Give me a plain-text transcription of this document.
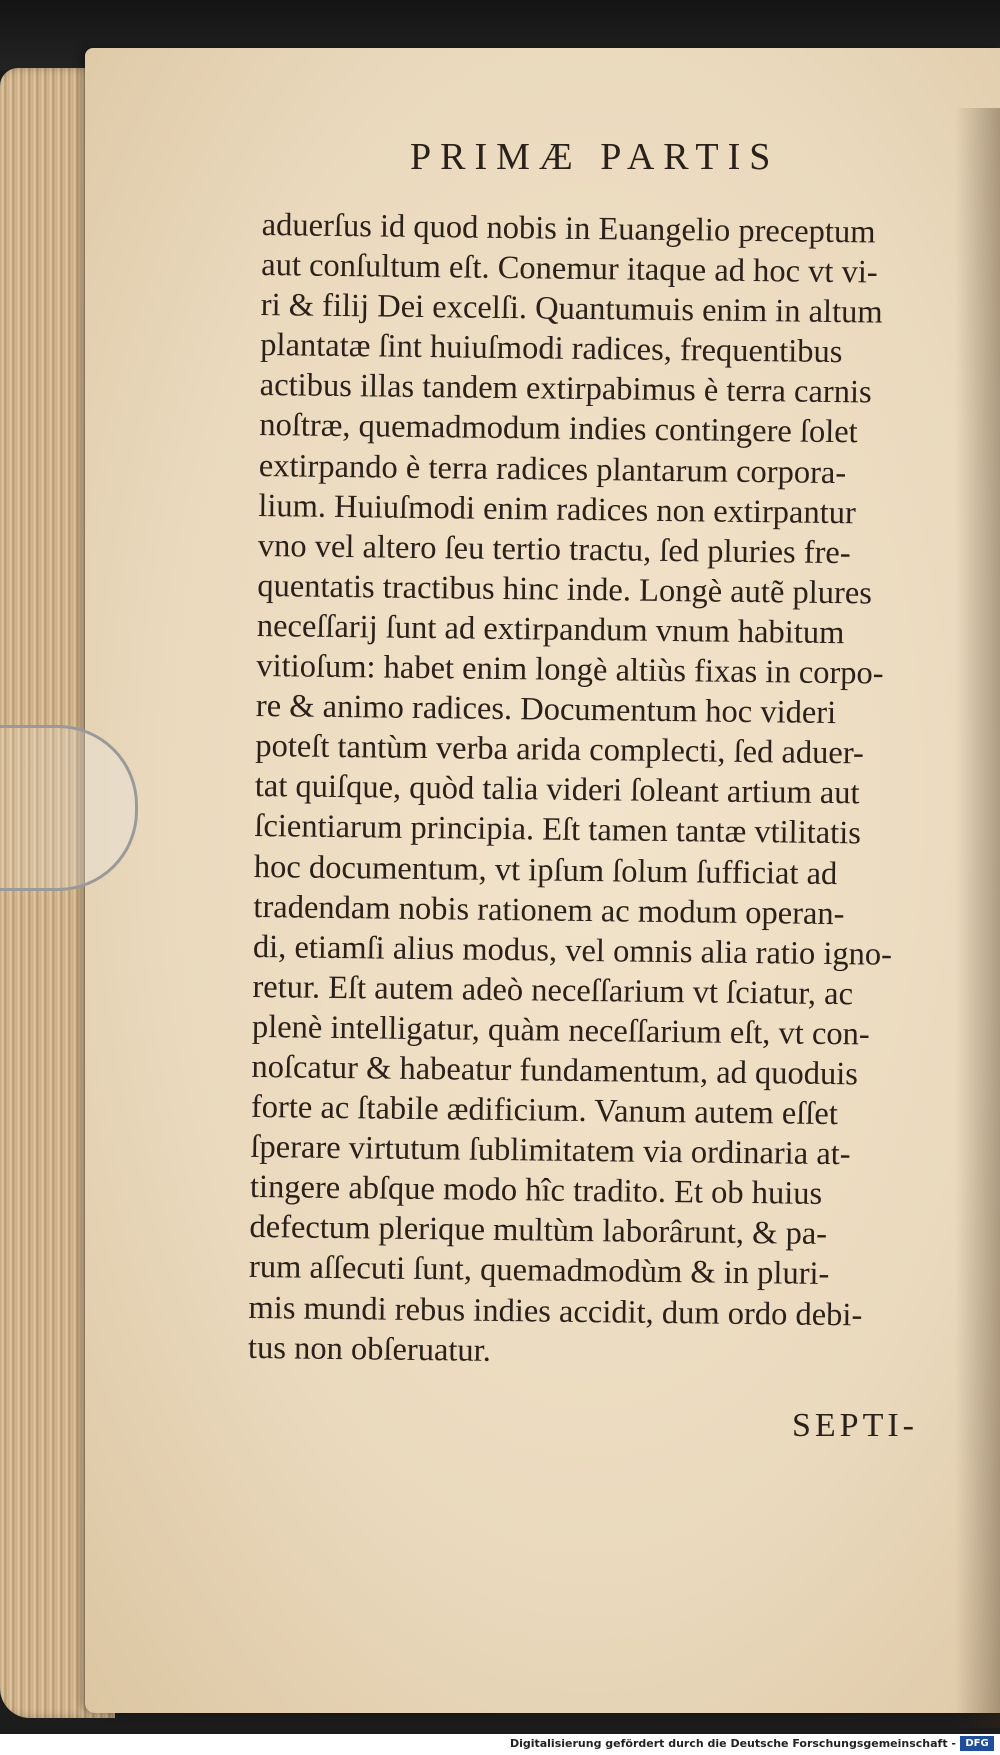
PRIMÆ PARTIS
aduerſus id quod nobis in Euangelio preceptum
aut conſultum eſt. Conemur itaque ad hoc vt vi-
ri & filij Dei excelſi. Quantumuis enim in altum
plantatæ ſint huiuſmodi radices, frequentibus
actibus illas tandem extirpabimus è terra carnis
noſtræ, quemadmodum indies contingere ſolet
extirpando è terra radices plantarum corpora-
lium. Huiuſmodi enim radices non extirpantur
vno vel altero ſeu tertio tractu, ſed pluries fre-
quentatis tractibus hinc inde. Longè autẽ plures
neceſſarij ſunt ad extirpandum vnum habitum
vitioſum: habet enim longè altiùs fixas in corpo-
re & animo radices. Documentum hoc videri
poteſt tantùm verba arida complecti, ſed aduer-
tat quiſque, quòd talia videri ſoleant artium aut
ſcientiarum principia. Eſt tamen tantæ vtilitatis
hoc documentum, vt ipſum ſolum ſufficiat ad
tradendam nobis rationem ac modum operan-
di, etiamſi alius modus, vel omnis alia ratio igno-
retur. Eſt autem adeò neceſſarium vt ſciatur, ac
plenè intelligatur, quàm neceſſarium eſt, vt con-
noſcatur & habeatur fundamentum, ad quoduis
forte ac ſtabile ædificium. Vanum autem eſſet
ſperare virtutum ſublimitatem via ordinaria at-
tingere abſque modo hîc tradito. Et ob huius
defectum plerique multùm laborârunt, & pa-
rum aſſecuti ſunt, quemadmodùm & in pluri-
mis mundi rebus indies accidit, dum ordo debi-
tus non obſeruatur.
SEPTI-
Digitalisierung gefördert durch die Deutsche Forschungsgemeinschaft - DFG
